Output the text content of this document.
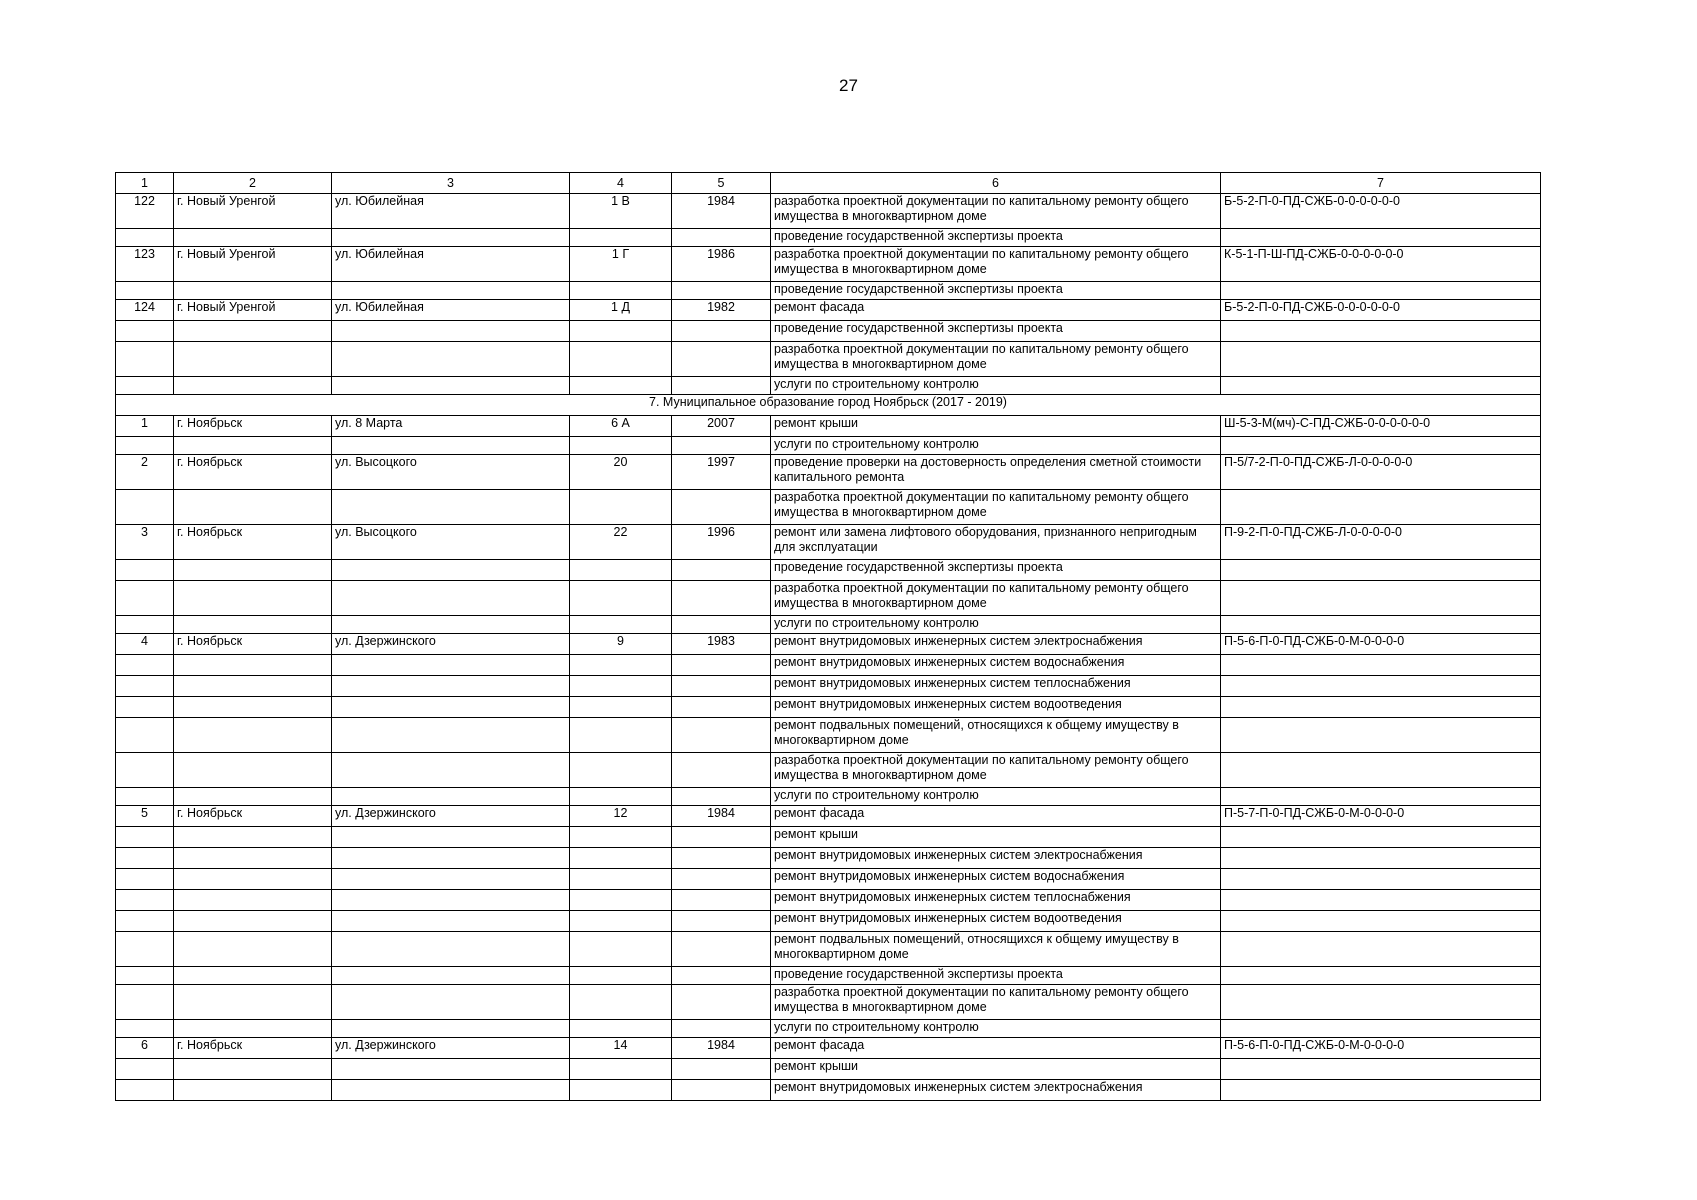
27
1	2	3	4	5	6	7
122	г. Новый Уренгой	ул. Юбилейная	1 В	1984	разработка проектной документации по капитальному ремонту общего имущества в многоквартирном доме	Б-5-2-П-0-ПД-СЖБ-0-0-0-0-0-0
					проведение государственной экспертизы проекта	
123	г. Новый Уренгой	ул. Юбилейная	1 Г	1986	разработка проектной документации по капитальному ремонту общего имущества в многоквартирном доме	К-5-1-П-Ш-ПД-СЖБ-0-0-0-0-0-0
					проведение государственной экспертизы проекта	
124	г. Новый Уренгой	ул. Юбилейная	1 Д	1982	ремонт фасада	Б-5-2-П-0-ПД-СЖБ-0-0-0-0-0-0
					проведение государственной экспертизы проекта	
					разработка проектной документации по капитальному ремонту общего имущества в многоквартирном доме	
					услуги по строительному контролю	
7. Муниципальное образование город Ноябрьск (2017 - 2019)						
1	г. Ноябрьск	ул. 8 Марта	6 А	2007	ремонт крыши	Ш-5-3-М(мч)-С-ПД-СЖБ-0-0-0-0-0-0
					услуги по строительному контролю	
2	г. Ноябрьск	ул. Высоцкого	20	1997	проведение проверки на достоверность определения сметной стоимости капитального ремонта	П-5/7-2-П-0-ПД-СЖБ-Л-0-0-0-0-0
					разработка проектной документации по капитальному ремонту общего имущества в многоквартирном доме	
3	г. Ноябрьск	ул. Высоцкого	22	1996	ремонт или замена лифтового оборудования, признанного непригодным для эксплуатации	П-9-2-П-0-ПД-СЖБ-Л-0-0-0-0-0
					проведение государственной экспертизы проекта	
					разработка проектной документации по капитальному ремонту общего имущества в многоквартирном доме	
					услуги по строительному контролю	
4	г. Ноябрьск	ул. Дзержинского	9	1983	ремонт внутридомовых инженерных систем электроснабжения	П-5-6-П-0-ПД-СЖБ-0-М-0-0-0-0
					ремонт внутридомовых инженерных систем водоснабжения	
					ремонт внутридомовых инженерных систем теплоснабжения	
					ремонт внутридомовых инженерных систем водоотведения	
					ремонт подвальных помещений, относящихся к общему имуществу в многоквартирном доме	
					разработка проектной документации по капитальному ремонту общего имущества в многоквартирном доме	
					услуги по строительному контролю	
5	г. Ноябрьск	ул. Дзержинского	12	1984	ремонт фасада	П-5-7-П-0-ПД-СЖБ-0-М-0-0-0-0
					ремонт крыши	
					ремонт внутридомовых инженерных систем электроснабжения	
					ремонт внутридомовых инженерных систем водоснабжения	
					ремонт внутридомовых инженерных систем теплоснабжения	
					ремонт внутридомовых инженерных систем водоотведения	
					ремонт подвальных помещений, относящихся к общему имуществу в многоквартирном доме	
					проведение государственной экспертизы проекта	
					разработка проектной документации по капитальному ремонту общего имущества в многоквартирном доме	
					услуги по строительному контролю	
6	г. Ноябрьск	ул. Дзержинского	14	1984	ремонт фасада	П-5-6-П-0-ПД-СЖБ-0-М-0-0-0-0
					ремонт крыши	
					ремонт внутридомовых инженерных систем электроснабжения	
